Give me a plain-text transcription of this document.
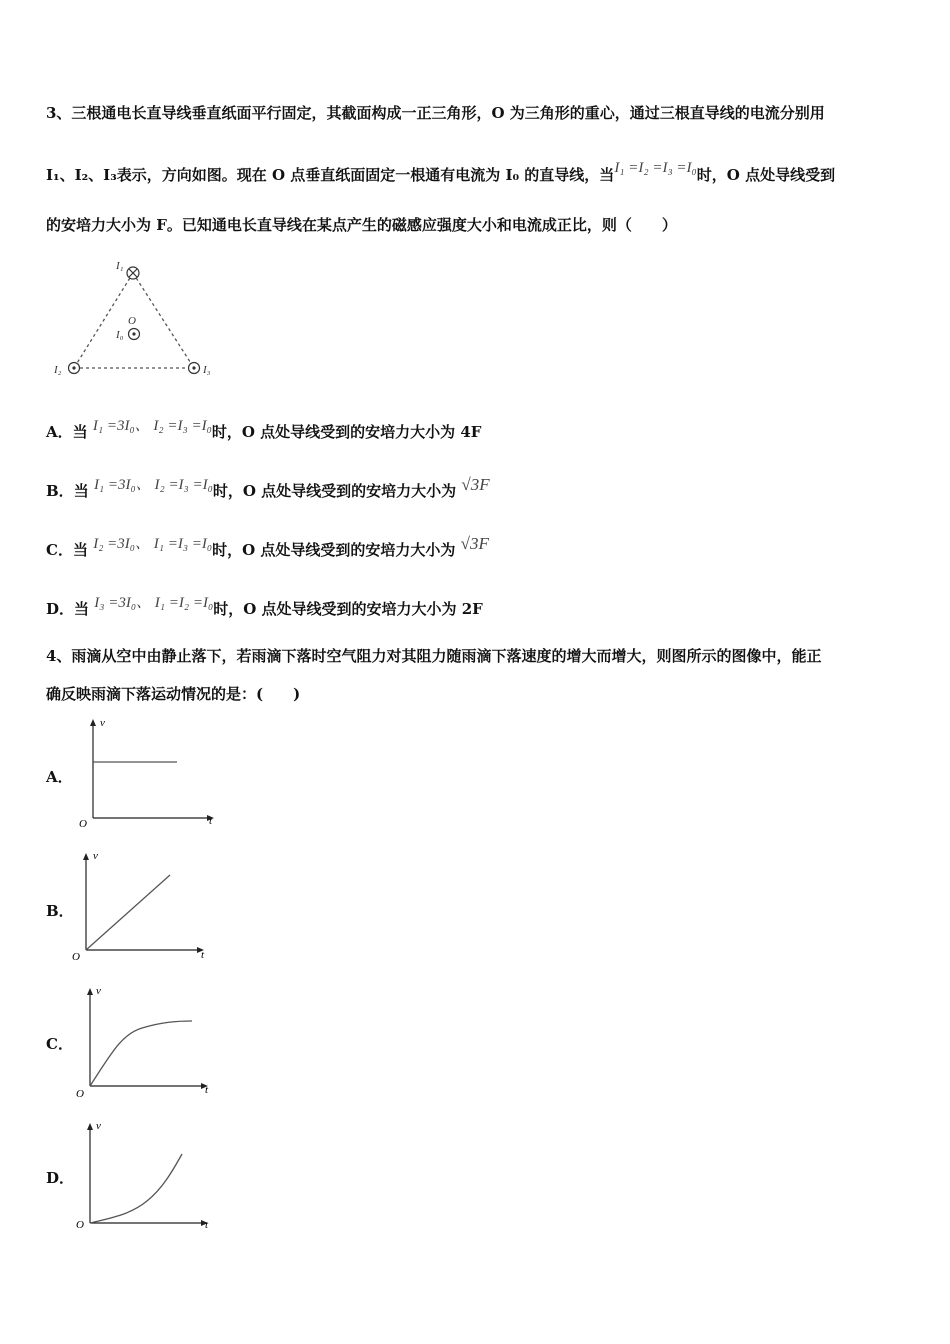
3、三根通电长直导线垂直纸面平行固定，其截面构成一正三角形，O 为三角形的重心，通过三根直导线的电流分别用
I₁、I₂、I₃表示，方向如图。现在 O 点垂直纸面固定一根通有电流为 I₀ 的直导线，当I₁ =I₂ =I₃ =I₀时，O 点处导线受到
的安培力大小为 F。已知通电长直导线在某点产生的磁感应强度大小和电流成正比，则（　　）
I₁
O
I₀
I₂	I₃
A．当 I₁ =3I₀、 I₂ =I₃ =I₀时，O 点处导线受到的安培力大小为 4F
B．当 I₁ =3I₀、 I₂ =I₃ =I₀时，O 点处导线受到的安培力大小为 √3F
C．当 I₂ =3I₀、 I₁ =I₃ =I₀时，O 点处导线受到的安培力大小为 √3F
D．当 I₃ =3I₀、 I₁ =I₂ =I₀时，O 点处导线受到的安培力大小为 2F
4、雨滴从空中由静止落下，若雨滴下落时空气阻力对其阻力随雨滴下落速度的增大而增大，则图所示的图像中，能正
确反映雨滴下落运动情况的是：(　　)
A．
v
t
O
B．
v
t
O
C．
v
t
O
D．
v
t
O
